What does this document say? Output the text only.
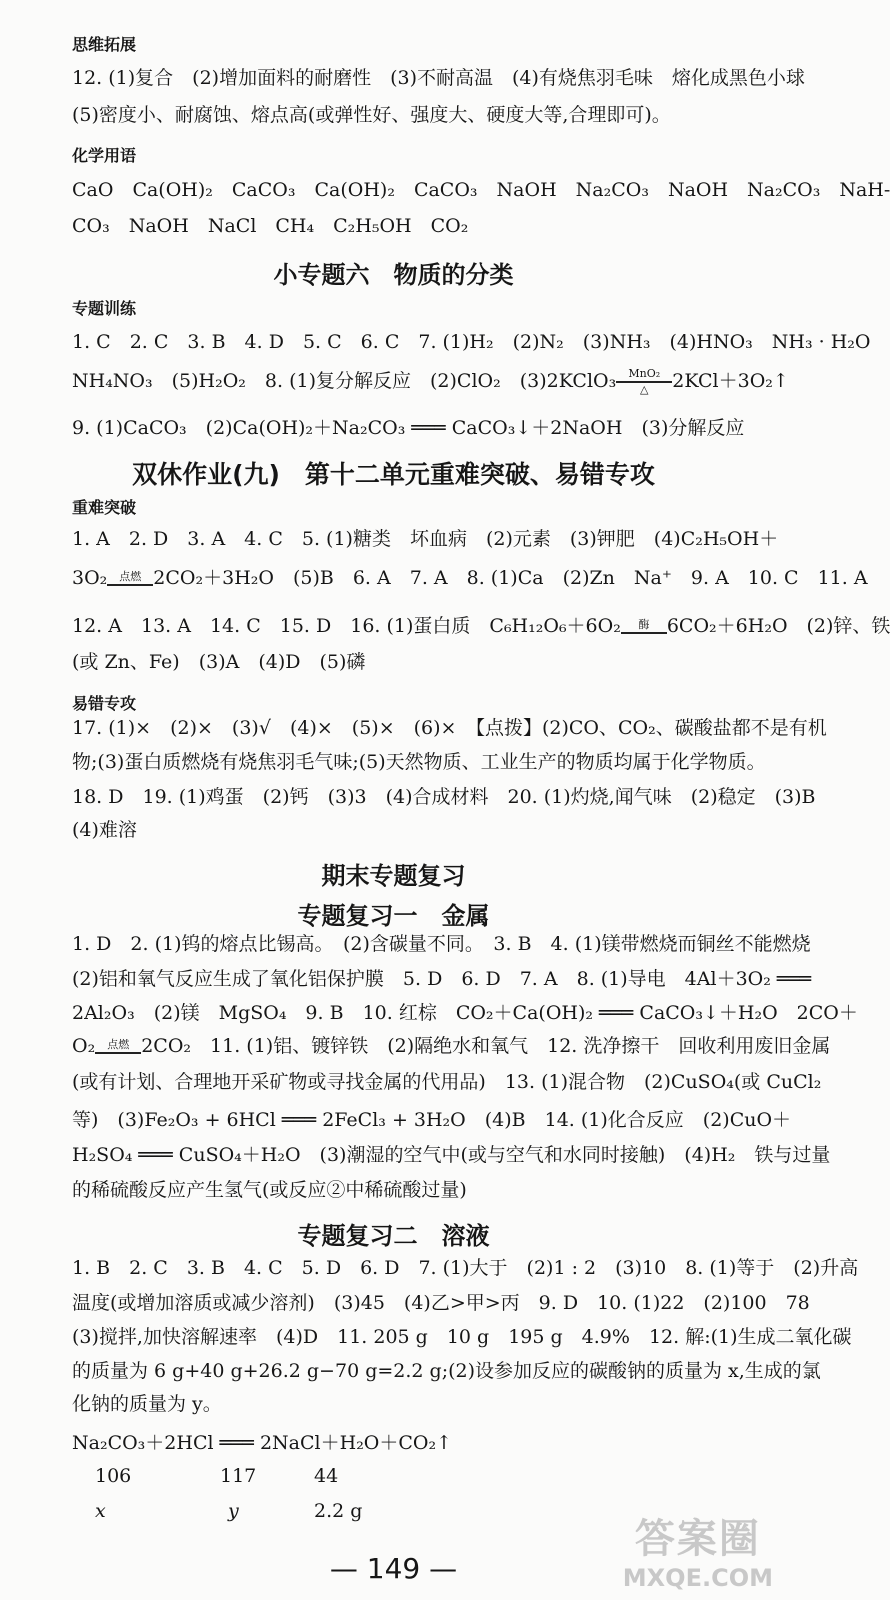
思维拓展
12. (1)复合　(2)增加面料的耐磨性　(3)不耐高温　(4)有烧焦羽毛味　熔化成黑色小球
(5)密度小、耐腐蚀、熔点高(或弹性好、强度大、硬度大等,合理即可)。
化学用语
CaO　Ca(OH)₂　CaCO₃　Ca(OH)₂　CaCO₃　NaOH　Na₂CO₃　NaOH　Na₂CO₃　NaH-
CO₃　NaOH　NaCl　CH₄　C₂H₅OH　CO₂
小专题六　物质的分类
专题训练
1. C　2. C　3. B　4. D　5. C　6. C　7. (1)H₂　(2)N₂　(3)NH₃　(4)HNO₃　NH₃ · H₂O
NH₄NO₃　(5)H₂O₂　8. (1)复分解反应　(2)ClO₂　(3)2KClO₃	MnO₂
△	2KCl＋3O₂↑
9. (1)CaCO₃　(2)Ca(OH)₂＋Na₂CO₃ ═══ CaCO₃↓＋2NaOH　(3)分解反应
双休作业(九)　第十二单元重难突破、易错专攻
重难突破
1. A　2. D　3. A　4. C　5. (1)糖类　坏血病　(2)元素　(3)钾肥　(4)C₂H₅OH＋
3O₂	点燃 2CO₂＋3H₂O　(5)B　6. A　7. A　8. (1)Ca　(2)Zn　Na⁺　9. A　10. C　11. A
12. A　13. A　14. C　15. D　16. (1)蛋白质　C₆H₁₂O₆＋6O₂	酶 6CO₂＋6H₂O　(2)锌、铁
(或 Zn、Fe)　(3)A　(4)D　(5)磷
易错专攻
17. (1)×　(2)×　(3)√　(4)×　(5)×　(6)×　【点拨】(2)CO、CO₂、碳酸盐都不是有机
物;(3)蛋白质燃烧有烧焦羽毛气味;(5)天然物质、工业生产的物质均属于化学物质。
18. D　19. (1)鸡蛋　(2)钙　(3)3　(4)合成材料　20. (1)灼烧,闻气味　(2)稳定　(3)B
(4)难溶
期末专题复习
专题复习一　金属
1. D　2. (1)钨的熔点比锡高。　(2)含碳量不同。　3. B　4. (1)镁带燃烧而铜丝不能燃烧
(2)铝和氧气反应生成了氧化铝保护膜　5. D　6. D　7. A　8. (1)导电　4Al＋3O₂ ═══
2Al₂O₃　(2)镁　MgSO₄　9. B　10. 红棕　CO₂＋Ca(OH)₂ ═══ CaCO₃↓＋H₂O　2CO＋
O₂	点燃 2CO₂　11. (1)铝、镀锌铁　(2)隔绝水和氧气　12. 洗净擦干　回收利用废旧金属
(或有计划、合理地开采矿物或寻找金属的代用品)　13. (1)混合物　(2)CuSO₄(或 CuCl₂
等)　(3)Fe₂O₃ + 6HCl ═══ 2FeCl₃ + 3H₂O　(4)B　14. (1)化合反应　(2)CuO＋
H₂SO₄ ═══ CuSO₄＋H₂O　(3)潮湿的空气中(或与空气和水同时接触)　(4)H₂　铁与过量
的稀硫酸反应产生氢气(或反应②中稀硫酸过量)
专题复习二　溶液
1. B　2. C　3. B　4. C　5. D　6. D　7. (1)大于　(2)1 : 2　(3)10　8. (1)等于　(2)升高
温度(或增加溶质或减少溶剂)　(3)45　(4)乙>甲>丙　9. D　10. (1)22　(2)100　78
(3)搅拌,加快溶解速率　(4)D　11. 205 g　10 g　195 g　4.9%　12. 解:(1)生成二氧化碳
的质量为 6 g+40 g+26.2 g−70 g=2.2 g;(2)设参加反应的碳酸钠的质量为 x,生成的氯
化钠的质量为 y。
Na₂CO₃＋2HCl ═══ 2NaCl＋H₂O＋CO₂↑
106	117	44
x	y	2.2 g
— 149 —
答案圈
MXQE.COM
